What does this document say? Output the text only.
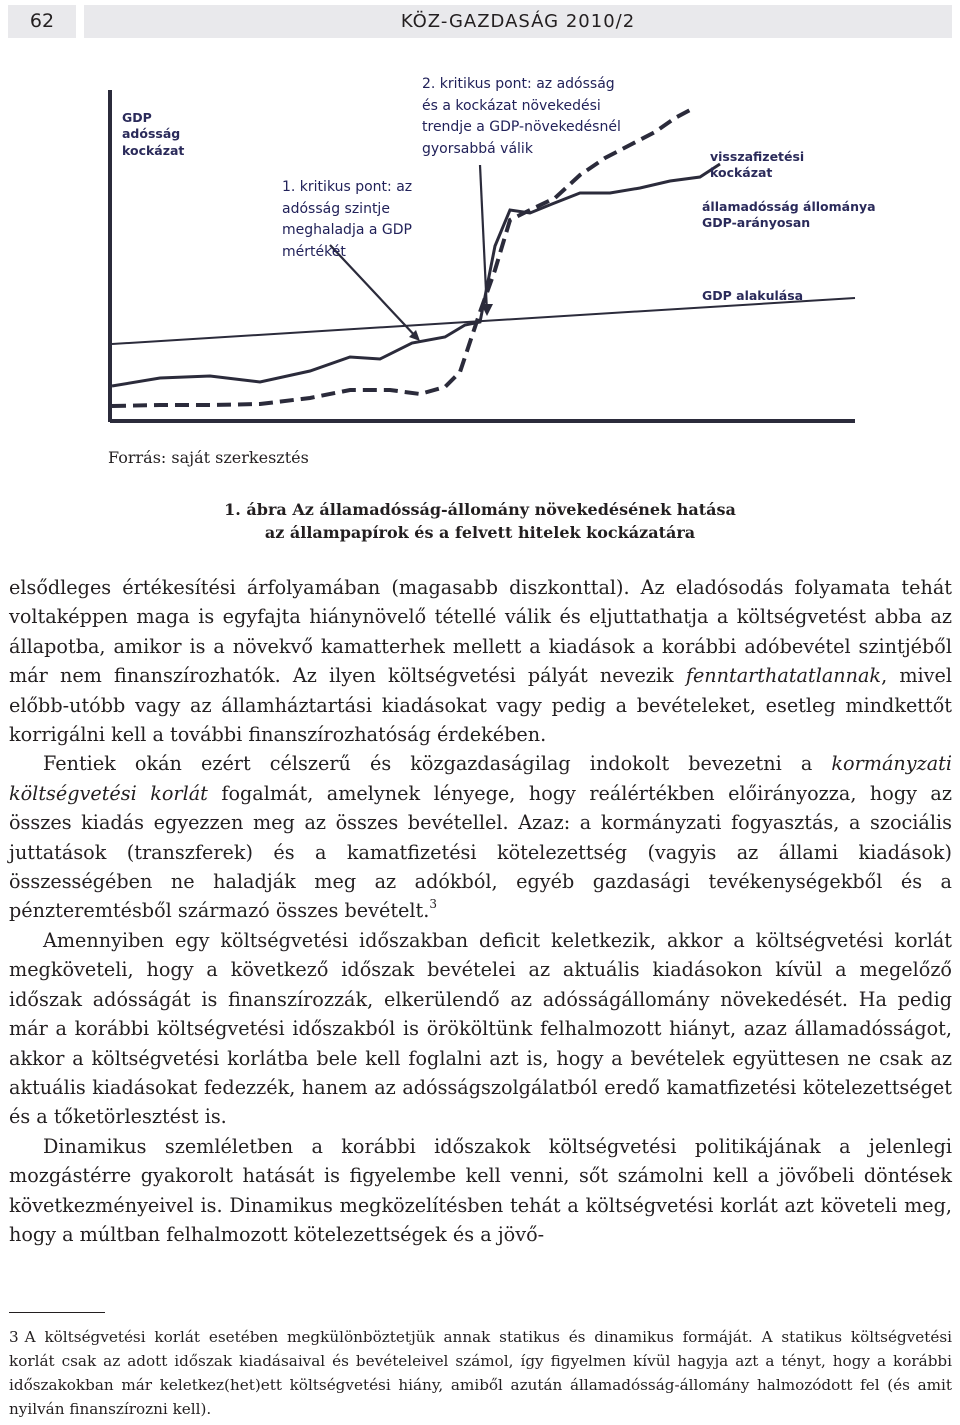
62	KÖZ-GAZDASÁG 2010/2
GDP
adósság
kockázat
1. kritikus pont: az
adósság szintje
meghaladja a GDP
mértékét
2. kritikus pont: az adósság
és a kockázat növekedési
trendje a GDP-növekedésnél
gyorsabbá válik	visszafizetési
kockázat
államadósság állománya
GDP-arányosan
GDP alakulása
Forrás: saját szerkesztés
1. ábra Az államadósság-állomány növekedésének hatása
az állampapírok és a felvett hitelek kockázatára

elsődleges értékesítési árfolyamában (magasabb diszkonttal). Az eladósodás folyamata tehát voltaképpen maga is egyfajta hiánynövelő tétellé válik és eljuttathatja a költségvetést abba az állapotba, amikor is a növekvő kamatterhek mellett a kiadások a korábbi adóbevétel szintjéből már nem finanszírozhatók. Az ilyen költségvetési pályát nevezik fenntarthatatlannak, mivel előbb-utóbb vagy az államháztartási kiadásokat vagy pedig a bevételeket, esetleg mindkettőt korrigálni kell a további finanszírozhatóság érdekében.

Fentiek okán ezért célszerű és közgazdaságilag indokolt bevezetni a kormányzati költségvetési korlát fogalmát, amelynek lényege, hogy reálértékben előirányozza, hogy az összes kiadás egyezzen meg az összes bevétellel. Azaz: a kormányzati fogyasztás, a szociális juttatások (transzferek) és a kamatfizetési kötelezettség (vagyis az állami kiadások) összességében ne haladják meg az adókból, egyéb gazdasági tevékenységekből és a pénzteremtésből származó összes bevételt.$^3$

Amennyiben egy költségvetési időszakban deficit keletkezik, akkor a költségvetési korlát megköveteli, hogy a következő időszak bevételei az aktuális kiadásokon kívül a megelőző időszak adósságát is finanszírozzák, elkerülendő az adósságállomány növekedését. Ha pedig már a korábbi költségvetési időszakból is örököltünk felhalmozott hiányt, azaz államadósságot, akkor a költségvetési korlátba bele kell foglalni azt is, hogy a bevételek együttesen ne csak az aktuális kiadásokat fedezzék, hanem az adósságszolgálatból eredő kamatfizetési kötelezettséget és a tőketörlesztést is.

Dinamikus szemléletben a korábbi időszakok költségvetési politikájának a jelenlegi mozgástérre gyakorolt hatását is figyelembe kell venni, sőt számolni kell a jövőbeli döntések következményeivel is. Dinamikus megközelítésben tehát a költségvetési korlát azt követeli meg, hogy a múltban felhalmozott kötelezettségek és a jövő-

3 A költségvetési korlát esetében megkülönböztetjük annak statikus és dinamikus formáját. A statikus költségvetési korlát csak az adott időszak kiadásaival és bevételeivel számol, így figyelmen kívül hagyja azt a tényt, hogy a korábbi időszakokban már keletkez(het)ett költségvetési hiány, amiből azután államadósság-állomány halmozódott fel (és amit nyilván finanszírozni kell).
